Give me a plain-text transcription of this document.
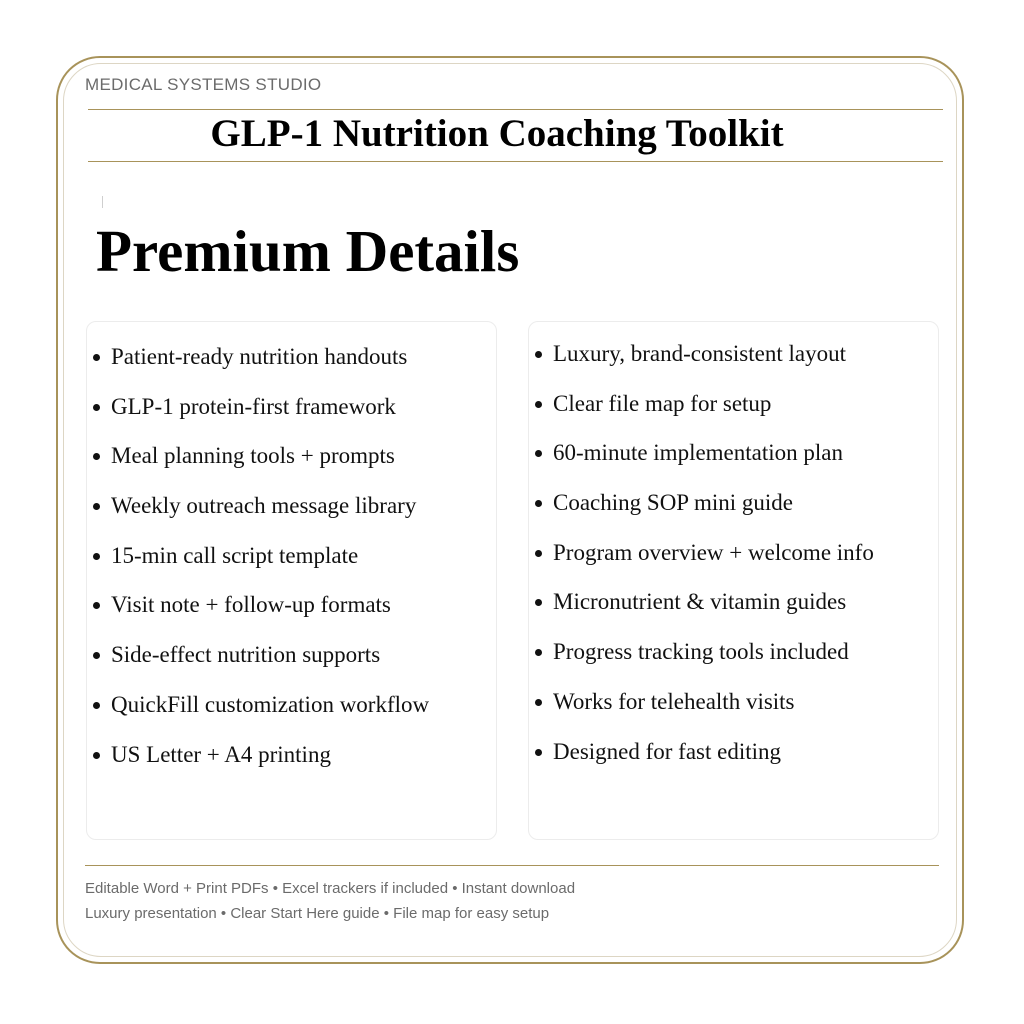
MEDICAL SYSTEMS STUDIO
GLP-1 Nutrition Coaching Toolkit
Premium Details
Patient-ready nutrition handouts
GLP-1 protein-first framework
Meal planning tools + prompts
Weekly outreach message library
15-min call script template
Visit note + follow-up formats
Side-effect nutrition supports
QuickFill customization workflow
US Letter + A4 printing
Luxury, brand-consistent layout
Clear file map for setup
60-minute implementation plan
Coaching SOP mini guide
Program overview + welcome info
Micronutrient & vitamin guides
Progress tracking tools included
Works for telehealth visits
Designed for fast editing
Editable Word + Print PDFs • Excel trackers if included • Instant download
Luxury presentation • Clear Start Here guide • File map for easy setup
